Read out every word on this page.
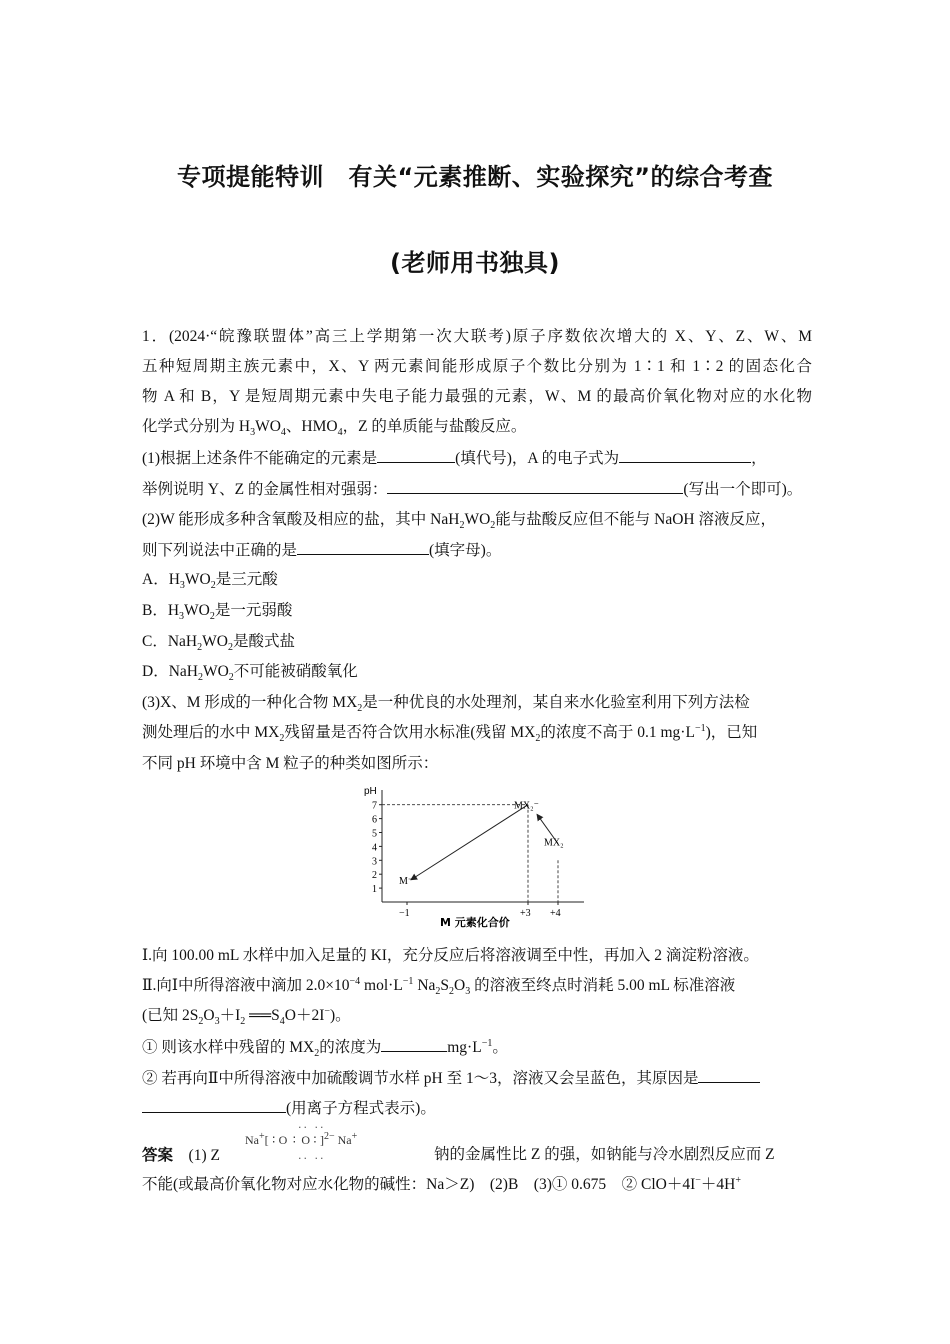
专项提能特训　有关“元素推断、实验探究”的综合考查
(老师用书独具)
1．(2024·“皖豫联盟体”高三上学期第一次大联考)原子序数依次增大的 X、Y、Z、W、M
五种短周期主族元素中，X、Y 两元素间能形成原子个数比分别为 1∶1 和 1∶2 的固态化合
物 A 和 B，Y 是短周期元素中失电子能力最强的元素，W、M 的最高价氧化物对应的水化物
化学式分别为 $H_3WO_4$、$HMO_4$，Z 的单质能与盐酸反应。
(1)根据上述条件不能确定的元素是	(填代号)，A 的电子式为	，
举例说明 Y、Z 的金属性相对强弱：	(写出一个即可)。
(2)W 能形成多种含氧酸及相应的盐，其中 $NaH_2WO_2$能与盐酸反应但不能与 NaOH 溶液反应，
则下列说法中正确的是	(填字母)。
A．$H_3WO_2$是三元酸
B．$H_3WO_2$是一元弱酸
C．$NaH_2WO_2$是酸式盐
D．$NaH_2WO_2$不可能被硝酸氧化
(3)X、M 形成的一种化合物 $MX_2$是一种优良的水处理剂，某自来水化验室利用下列方法检
测处理后的水中 $MX_2$残留量是否符合饮用水标准(残留 $MX_2$的浓度不高于 0.1 $mg\cdot L^{-1}$)，已知
不同 pH 环境中含 M 粒子的种类如图所示：
1
2
3
4
5
6
7
−1	+3 +4
pH
M 元素化合价
MX₂⁻
MX₂
M⁻
Ⅰ.向 100.00 mL 水样中加入足量的 KI，充分反应后将溶液调至中性，再加入 2 滴淀粉溶液。
Ⅱ.向Ⅰ中所得溶液中滴加 $2.0\times 10^{-4}$ $mol\cdot L^{-1}$ $Na_2S_2O_3$ 的溶液至终点时消耗 5.00 mL 标准溶液
(已知 $2S_2O_3+I_2$ $══S_4O+2I^-$)。
① 则该水样中残留的 $MX_2$的浓度为	$mg\cdot L^{-1}$。
② 若再向Ⅱ中所得溶液中加硫酸调节水样 pH 至 1～3，溶液又会呈蓝色，其原因是
(用离子方程式表示)。
答案　 (1) Z
Na+[ ∶ O ∶ O ∶ ]$^{2-}$ Na+
·· ··
·· ··	钠的金属性比 Z 的强，如钠能与冷水剧烈反应而 Z
不能(或最高价氧化物对应水化物的碱性：Na＞Z)　(2)B　(3)① 0.675　② ClO＋4I−＋4H+
